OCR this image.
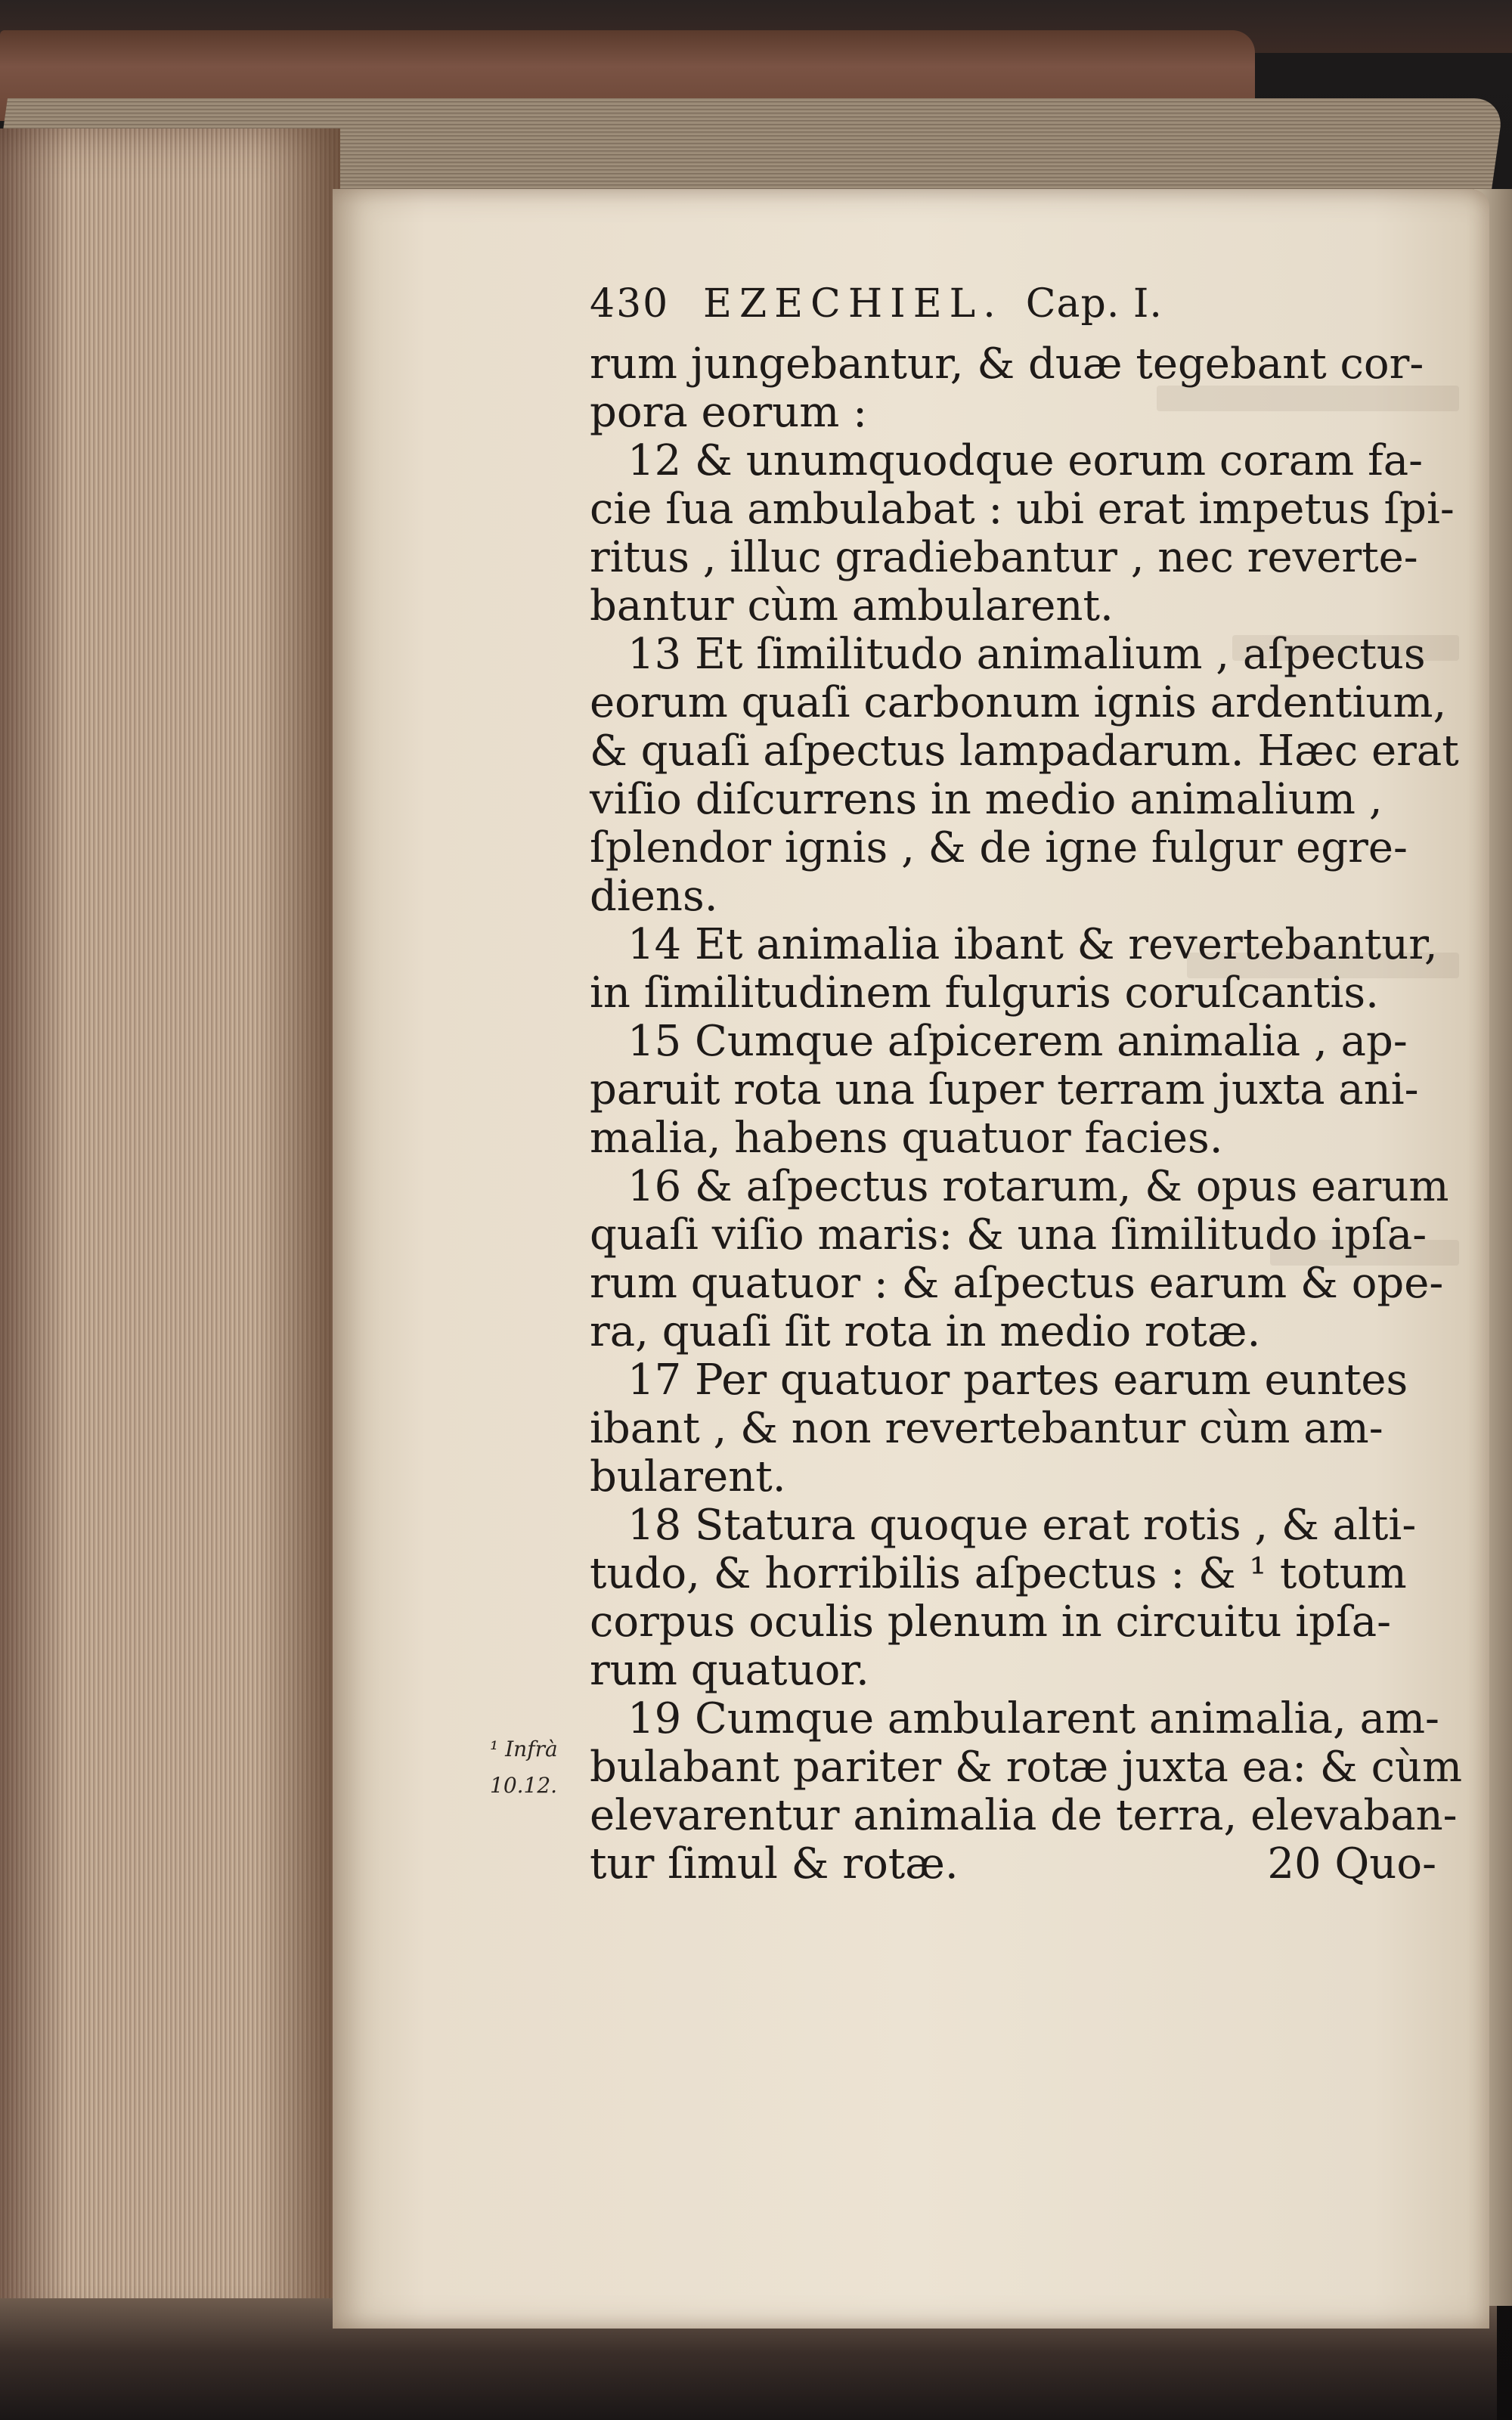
430 EZECHIEL. Cap. I.
rum jungebantur, & duæ tegebant cor-
pora eorum :
12 & unumquodque eorum coram fa-
cie ſua ambulabat : ubi erat impetus ſpi-
ritus , illuc gradiebantur , nec reverte-
bantur cùm ambularent.
13 Et ſimilitudo animalium , aſpectus
eorum quaſi carbonum ignis ardentium,
& quaſi aſpectus lampadarum. Hæc erat
viſio diſcurrens in medio animalium ,
ſplendor ignis , & de igne fulgur egre-
diens.
14 Et animalia ibant & revertebantur,
in ſimilitudinem fulguris coruſcantis.
15 Cumque aſpicerem animalia , ap-
paruit rota una ſuper terram juxta ani-
malia, habens quatuor facies.
16 & aſpectus rotarum, & opus earum
quaſi viſio maris: & una ſimilitudo ipſa-
rum quatuor : & aſpectus earum & ope-
ra, quaſi ſit rota in medio rotæ.
17 Per quatuor partes earum euntes
ibant , & non revertebantur cùm am-
bularent.
18 Statura quoque erat rotis , & alti-
tudo, & horribilis aſpectus : & ¹ totum
corpus oculis plenum in circuitu ipſa-
rum quatuor.
19 Cumque ambularent animalia, am-
bulabant pariter & rotæ juxta ea: & cùm
elevarentur animalia de terra, elevaban-
tur ſimul & rotæ.	20 Quo-
¹ Infrà
10.12.
